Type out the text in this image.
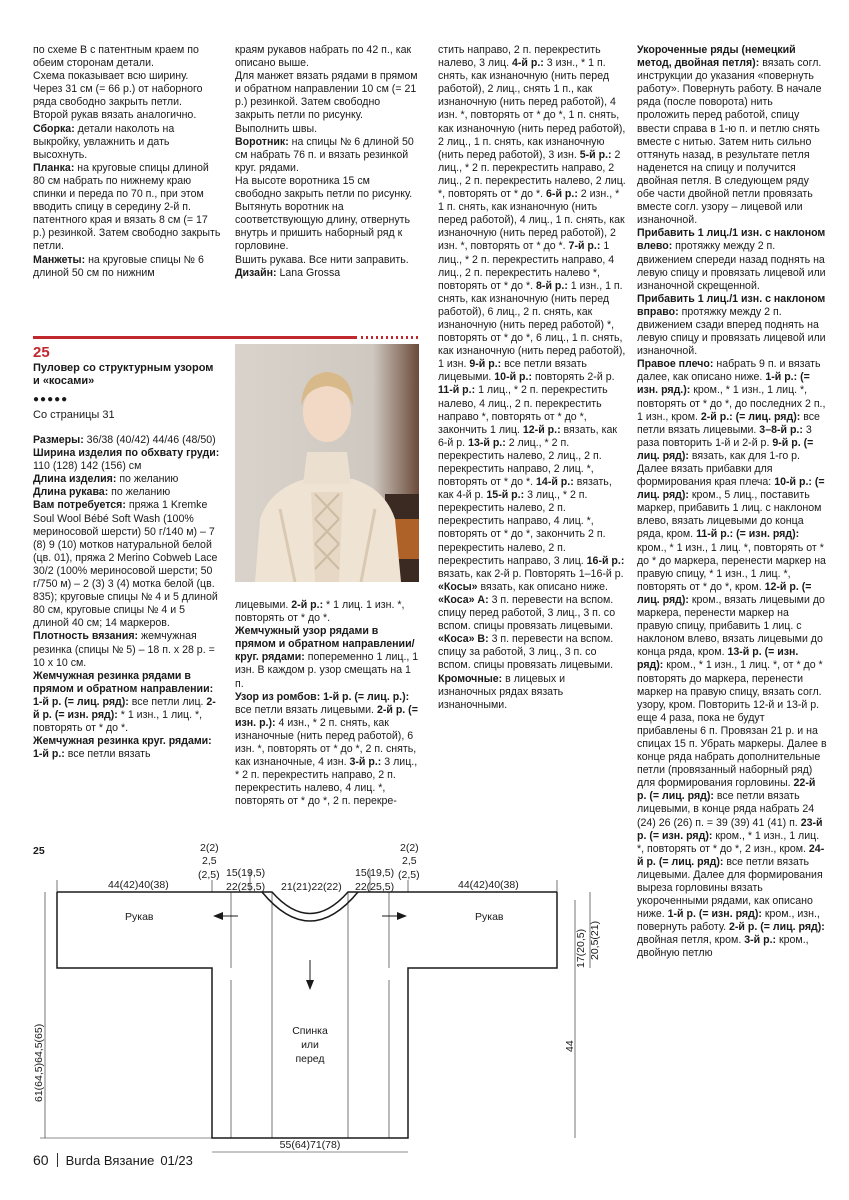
по схеме В с патентным краем по обеим сторонам детали.

Схема показывает всю ширину.

Через 31 см (= 66 р.) от наборного ряда свободно закрыть петли.

Второй рукав вязать аналогично.

Сборка: детали наколоть на выкройку, увлажнить и дать высохнуть.

Планка: на круговые спицы длиной 80 см набрать по нижнему краю спинки и переда по 70 п., при этом вводить спицу в середину 2-й п. патентного края и вязать 8 см (= 17 р.) резинкой. Затем свободно закрыть петли.

Манжеты: на круговые спицы № 6 длиной 50 см по нижним

краям рукавов набрать по 42 п., как описано выше.

Для манжет вязать рядами в прямом и обратном направлении 10 см (= 21 р.) резинкой. Затем свободно закрыть петли по рисунку. Выполнить швы.

Воротник: на спицы № 6 длиной 50 см набрать 76 п. и вязать резинкой круг. рядами.

На высоте воротника 15 см свободно закрыть петли по рисунку. Вытянуть воротник на соответствующую длину, отвернуть внутрь и пришить наборный ряд к горловине.

Вшить рукава. Все нити заправить.

Дизайн: Lana Grossa

25
Пуловер со структурным узором и «косами»
●●●●●
Со страницы 31

Размеры: 36/38 (40/42) 44/46 (48/50)

Ширина изделия по обхвату груди: 110 (128) 142 (156) см

Длина изделия: по желанию

Длина рукава: по желанию

Вам потребуется: пряжа 1 Kremke Soul Wool Bébé Soft Wash (100% мериносовой шерсти) 50 г/140 м) – 7 (8) 9 (10) мотков натуральной белой (цв. 01), пряжа 2 Merino Cobweb Lace 30/2 (100% мериносовой шерсти; 50 г/750 м) – 2 (3) 3 (4) мотка белой (цв. 835); круговые спицы № 4 и 5 длиной 80 см, круговые спицы № 4 и 5 длиной 40 см; 14 маркеров.

Плотность вязания: жемчужная резинка (спицы № 5) – 18 п. х 28 р. = 10 х 10 см.

Жемчужная резинка рядами в прямом и обратном направлении: 1-й р. (= лиц. ряд): все петли лиц. 2-й р. (= изн. ряд): * 1 изн., 1 лиц. *, повторять от * до *.

Жемчужная резинка круг. рядами: 1-й р.: все петли вязать

лицевыми. 2-й р.: * 1 лиц. 1 изн. *, повторять от * до *.

Жемчужный узор рядами в прямом и обратном направлении/круг. рядами: попеременно 1 лиц., 1 изн. В каждом р. узор смещать на 1 п.

Узор из ромбов: 1-й р. (= лиц. р.): все петли вязать лицевыми. 2-й р. (= изн. р.): 4 изн., * 2 п. снять, как изнаночные (нить перед работой), 6 изн. *, повторять от * до *, 2 п. снять, как изнаночные, 4 изн. 3-й р.: 3 лиц., * 2 п. перекрестить направо, 2 п. перекрестить налево, 4 лиц. *, повторять от * до *, 2 п. перекре-

стить направо, 2 п. перекрестить налево, 3 лиц. 4-й р.: 3 изн., * 1 п. снять, как изнаночную (нить перед работой), 2 лиц., снять 1 п., как изнаночную (нить перед работой), 4 изн. *, повторять от * до *, 1 п. снять, как изнаночную (нить перед работой), 2 лиц., 1 п. снять, как изнаночную (нить перед работой), 3 изн. 5-й р.: 2 лиц., * 2 п. перекрестить направо, 2 лиц., 2 п. перекрестить налево, 2 лиц. *, повторять от * до *. 6-й р.: 2 изн., * 1 п. снять, как изнаночную (нить перед работой), 4 лиц., 1 п. снять, как изнаночную (нить перед работой), 2 изн. *, повторять от * до *. 7-й р.: 1 лиц., * 2 п. перекрестить направо, 4 лиц., 2 п. перекрестить налево *, повторять от * до *. 8-й р.: 1 изн., 1 п. снять, как изнаночную (нить перед работой), 6 лиц., 2 п. снять, как изнаночную (нить перед работой) *, повторять от * до *, 6 лиц., 1 п. снять, как изнаночную (нить перед работой), 1 изн. 9-й р.: все петли вязать лицевыми. 10-й р.: повторять 2-й р. 11-й р.: 1 лиц., * 2 п. перекрестить налево, 4 лиц., 2 п. перекрестить направо *, повторять от * до *, закончить 1 лиц. 12-й р.: вязать, как 6-й р. 13-й р.: 2 лиц., * 2 п. перекрестить налево, 2 лиц., 2 п. перекрестить направо, 2 лиц. *, повторять от * до *. 14-й р.: вязать, как 4-й р. 15-й р.: 3 лиц., * 2 п. перекрестить налево, 2 п. перекрестить направо, 4 лиц. *, повторять от * до *, закончить 2 п. перекрестить налево, 2 п. перекрестить направо, 3 лиц. 16-й р.: вязать, как 2-й р. Повторять 1–16-й р.

«Косы» вязать, как описано ниже.

«Коса» А: 3 п. перевести на вспом. спицу перед работой, 3 лиц., 3 п. со вспом. спицы провязать лицевыми.

«Коса» В: 3 п. перевести на вспом. спицу за работой, 3 лиц., 3 п. со вспом. спицы провязать лицевыми.

Кромочные: в лицевых и изнаночных рядах вязать изнаночными.

Укороченные ряды (немецкий метод, двойная петля): вязать согл. инструкции до указания «повернуть работу». Повернуть работу. В начале ряда (после поворота) нить проложить перед работой, спицу ввести справа в 1-ю п. и петлю снять вместе с нитью. Затем нить сильно оттянуть назад, в результате петля наденется на спицу и получится двойная петля. В следующем ряду обе части двойной петли провязать вместе согл. узору – лицевой или изнаночной.

Прибавить 1 лиц./1 изн. с наклоном влево: протяжку между 2 п. движением спереди назад поднять на левую спицу и провязать лицевой или изнаночной скрещенной.

Прибавить 1 лиц./1 изн. с наклоном вправо: протяжку между 2 п. движением сзади вперед поднять на левую спицу и провязать лицевой или изнаночной.

Правое плечо: набрать 9 п. и вязать далее, как описано ниже. 1-й р.: (= изн. ряд.): кром., * 1 изн., 1 лиц. *, повторять от * до *, до последних 2 п., 1 изн., кром. 2-й р.: (= лиц. ряд): все петли вязать лицевыми. 3–8-й р.: 3 раза повторить 1-й и 2-й р. 9-й р. (= лиц. ряд): вязать, как для 1-го р. Далее вязать прибавки для формирования края плеча: 10-й р.: (= лиц. ряд): кром., 5 лиц., поставить маркер, прибавить 1 лиц. с наклоном влево, вязать лицевыми до конца ряда, кром. 11-й р.: (= изн. ряд): кром., * 1 изн., 1 лиц. *, повторять от * до * до маркера, перенести маркер на правую спицу, * 1 изн., 1 лиц. *, повторять от * до *, кром. 12-й р. (= лиц. ряд): кром., вязать лицевыми до маркера, перенести маркер на правую спицу, прибавить 1 лиц. с наклоном влево, вязать лицевыми до конца ряда, кром. 13-й р. (= изн. ряд): кром., * 1 изн., 1 лиц. *, от * до * повторять до маркера, перенести маркер на правую спицу, вязать согл. узору, кром. Повторить 12-й и 13-й р. еще 4 раза, пока не будут прибавлены 6 п. Провязан 21 р. и на спицах 15 п. Убрать маркеры. Далее в конце ряда набрать дополнительные петли (провязанный наборный ряд) для формирования горловины. 22-й р. (= лиц. ряд): все петли вязать лицевыми, в конце ряда набрать 24 (24) 26 (26) п. = 39 (39) 41 (41) п. 23-й р. (= изн. ряд): кром., * 1 изн., 1 лиц. *, повторять от * до *, 2 изн., кром. 24-й р. (= лиц. ряд): все петли вязать лицевыми. Далее для формирования выреза горловины вязать укороченными рядами, как описано ниже. 1-й р. (= изн. ряд): кром., изн., повернуть работу. 2-й р. (= лиц. ряд): двойная петля, кром. 3-й р.: кром., двойную петлю

25
Рукав	Рукав
Спинка
или
перед
44(42)40(38)	44(42)40(38)
2(2)
2,5
(2,5)
2(2)
2,5
(2,5)
15(19,5)
22(25,5)
15(19,5)
22(25,5)
21(21)22(22)
17(20,5) 20,5(21)
61(64,5)64,5(65)	44
55(64)71(78)
60 Burda Вязание 01/23
